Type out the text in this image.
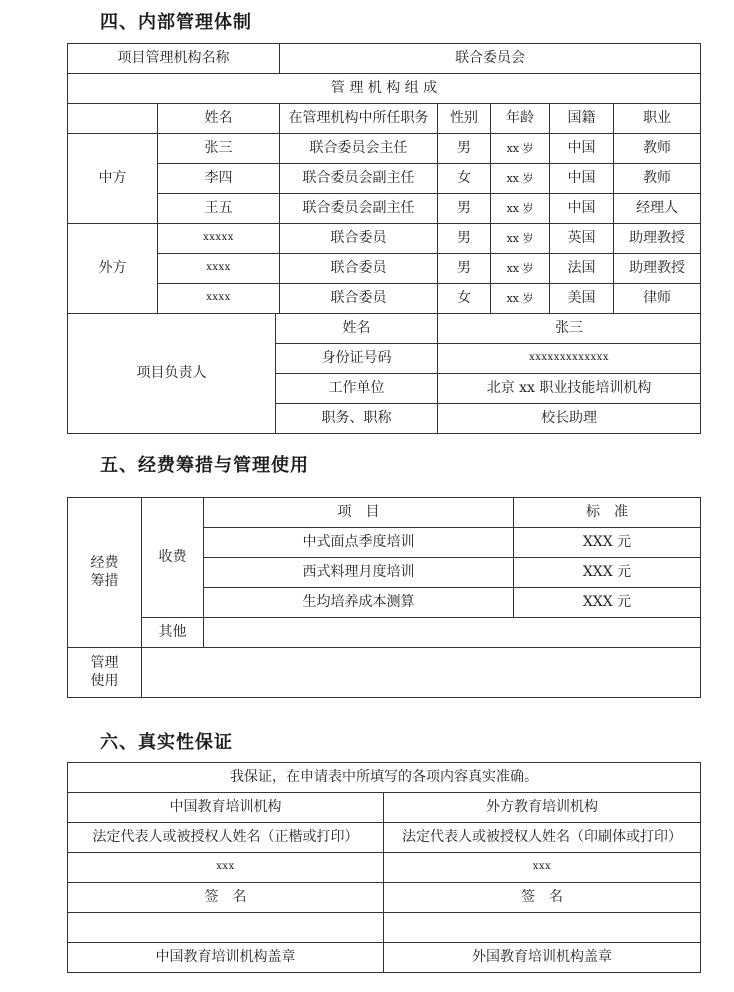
四、内部管理体制
项目管理机构名称			联合委员会				
管 理 机 构 组 成							
	姓名		在管理机构中所任职务	性别	年龄	国籍	职业
中方	张三		联合委员会主任	男	xx 岁	中国	教师
	李四		联合委员会副主任	女	xx 岁	中国	教师
	王五		联合委员会副主任	男	xx 岁	中国	经理人
外方	xxxxx		联合委员	男	xx 岁	英国	助理教授
	xxxx		联合委员	男	xx 岁	法国	助理教授
	xxxx		联合委员	女	xx 岁	美国	律师
项目负责人		姓名		张三			
		身份证号码		xxxxxxxxxxxxx			
		工作单位		北京 xx 职业技能培训机构			
		职务、职称		校长助理			
五、经费筹措与管理使用
经费
筹措	收费	项　目	标　准
		中式面点季度培训	XXX 元
		西式料理月度培训	XXX 元
		生均培养成本测算	XXX 元
	其他		
管理
使用			
六、真实性保证
我保证，在申请表中所填写的各项内容真实准确。	
中国教育培训机构	外方教育培训机构
法定代表人或被授权人姓名（正楷或打印）	法定代表人或被授权人姓名（印刷体或打印）
xxx	xxx
签　名	签　名

中国教育培训机构盖章	外国教育培训机构盖章
